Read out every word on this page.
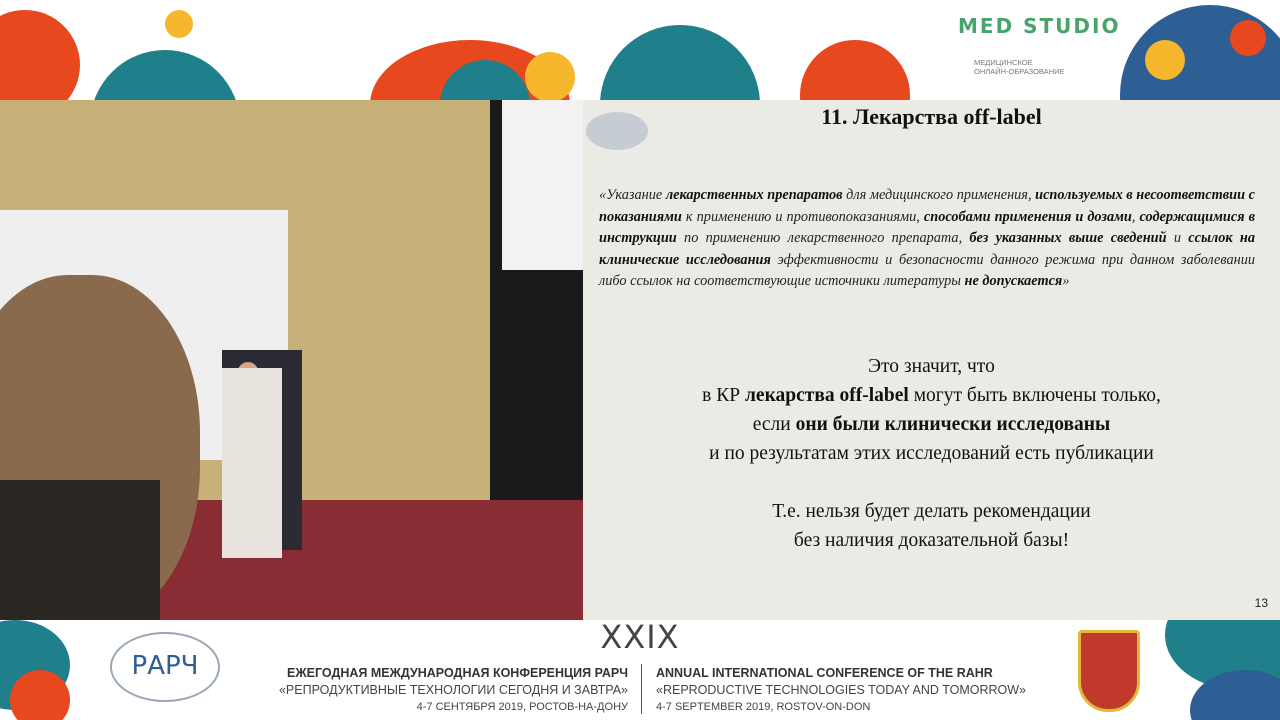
MED STUDIO
МЕДИЦИНСКОЕ
ОНЛАЙН-ОБРАЗОВАНИЕ
11. Лекарства off-label
«Указание лекарственных препаратов для медицинского применения, используемых в несоответствии с показаниями к применению и противопоказаниями, способами применения и дозами, содержащимися в инструкции по применению лекарственного препарата, без указанных выше сведений и ссылок на клинические исследования эффективности и безопасности данного режима при данном заболевании либо ссылок на соответствующие источники литературы не допускается»
Это значит, что
в КР лекарства off-label могут быть включены только,
если они были клинически исследованы
и по результатам этих исследований есть публикации
Т.е. нельзя будет делать рекомендации
без наличия доказательной базы!
13
РАРЧ
XXIX
ЕЖЕГОДНАЯ МЕЖДУНАРОДНАЯ КОНФЕРЕНЦИЯ РАРЧ
«РЕПРОДУКТИВНЫЕ ТЕХНОЛОГИИ СЕГОДНЯ И ЗАВТРА»
4-7 СЕНТЯБРЯ 2019, РОСТОВ-НА-ДОНУ
ANNUAL INTERNATIONAL CONFERENCE OF THE RAHR
«REPRODUCTIVE TECHNOLOGIES TODAY AND TOMORROW»
4-7 SEPTEMBER 2019, ROSTOV-ON-DON
